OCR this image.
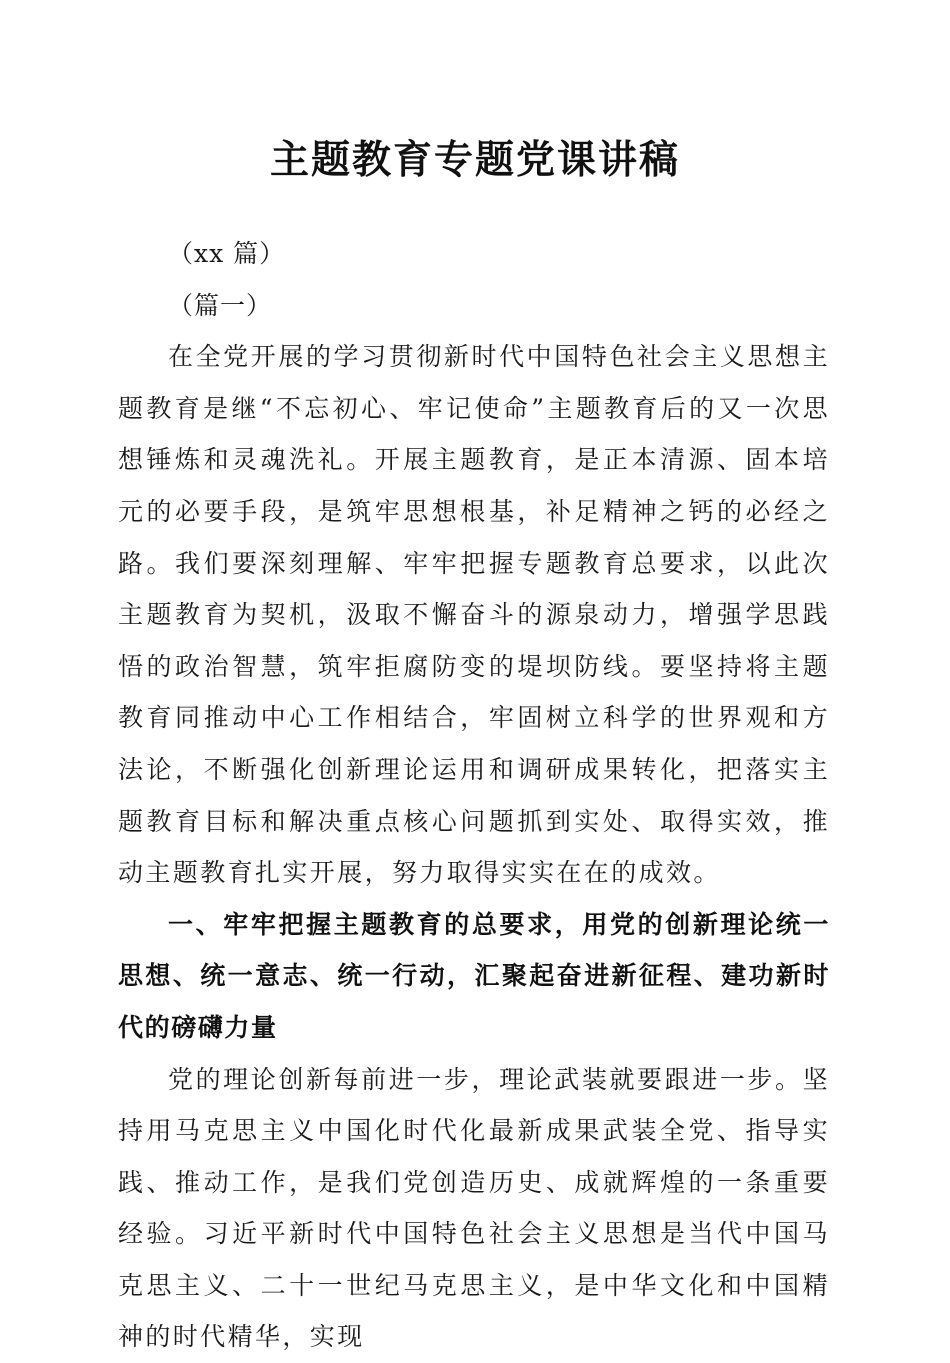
主题教育专题党课讲稿

（xx 篇）

（篇一）

在全党开展的学习贯彻新时代中国特色社会主义思想主题教育是继“不忘初心、牢记使命”主题教育后的又一次思想锤炼和灵魂洗礼。开展主题教育，是正本清源、固本培元的必要手段，是筑牢思想根基，补足精神之钙的必经之路。我们要深刻理解、牢牢把握专题教育总要求，以此次主题教育为契机，汲取不懈奋斗的源泉动力，增强学思践悟的政治智慧，筑牢拒腐防变的堤坝防线。要坚持将主题教育同推动中心工作相结合，牢固树立科学的世界观和方法论，不断强化创新理论运用和调研成果转化，把落实主题教育目标和解决重点核心问题抓到实处、取得实效，推动主题教育扎实开展，努力取得实实在在的成效。

一、牢牢把握主题教育的总要求，用党的创新理论统一思想、统一意志、统一行动，汇聚起奋进新征程、建功新时代的磅礴力量

党的理论创新每前进一步，理论武装就要跟进一步。坚持用马克思主义中国化时代化最新成果武装全党、指导实践、推动工作，是我们党创造历史、成就辉煌的一条重要经验。习近平新时代中国特色社会主义思想是当代中国马克思主义、二十一世纪马克思主义，是中华文化和中国精神的时代精华，实现
